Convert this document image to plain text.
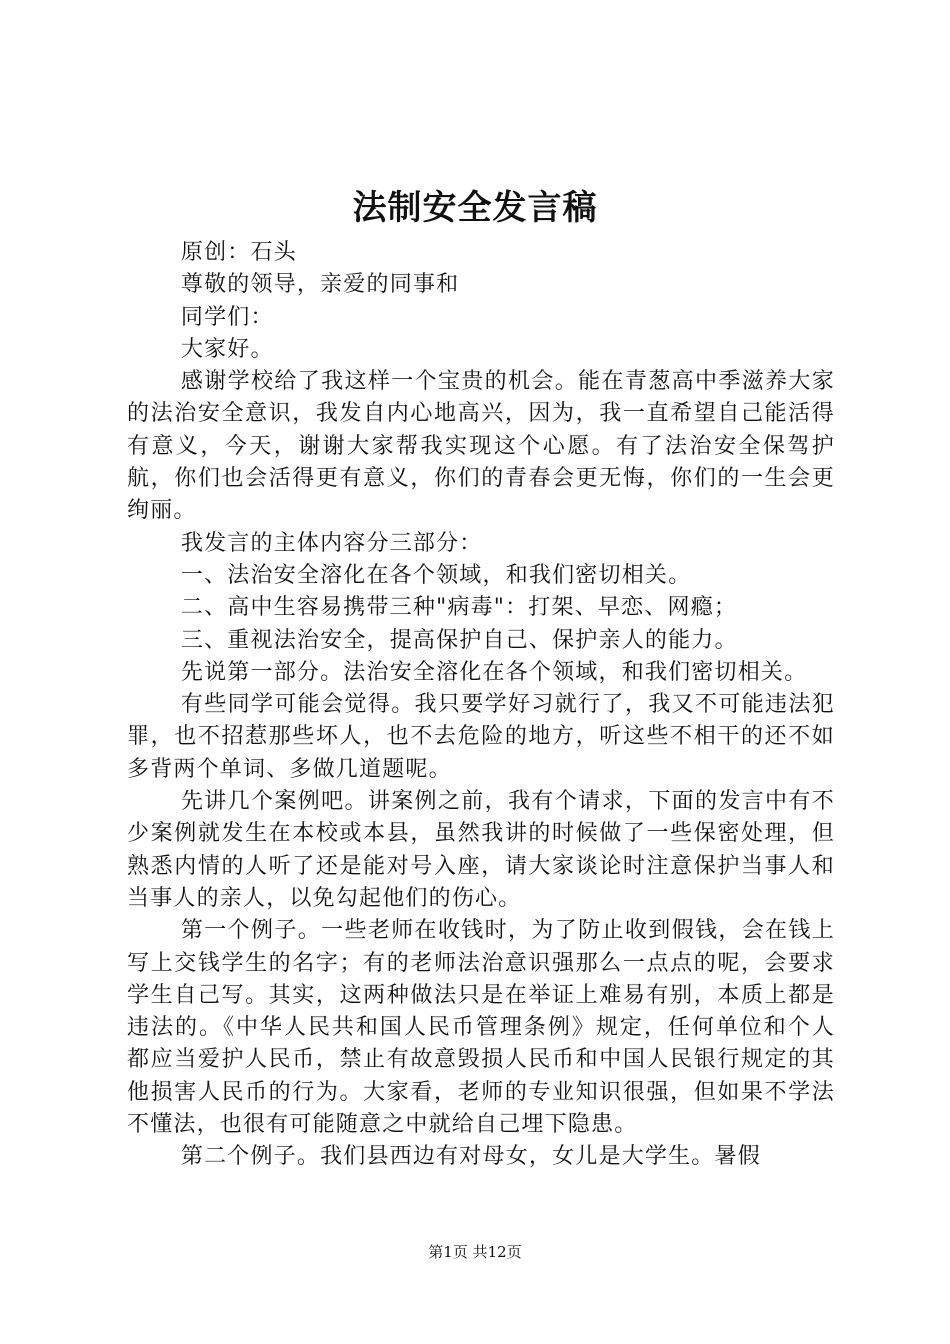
法制安全发言稿

原创：石头

尊敬的领导，亲爱的同事和

同学们：

大家好。

感谢学校给了我这样一个宝贵的机会。能在青葱高中季滋养大家的法治安全意识，我发自内心地高兴，因为，我一直希望自己能活得有意义，今天，谢谢大家帮我实现这个心愿。有了法治安全保驾护航，你们也会活得更有意义，你们的青春会更无悔，你们的一生会更绚丽。

我发言的主体内容分三部分：

一、法治安全溶化在各个领域，和我们密切相关。

二、高中生容易携带三种"病毒"：打架、早恋、网瘾；

三、重视法治安全，提高保护自己、保护亲人的能力。

先说第一部分。法治安全溶化在各个领域，和我们密切相关。

有些同学可能会觉得。我只要学好习就行了，我又不可能违法犯罪，也不招惹那些坏人，也不去危险的地方，听这些不相干的还不如多背两个单词、多做几道题呢。

先讲几个案例吧。讲案例之前，我有个请求，下面的发言中有不少案例就发生在本校或本县，虽然我讲的时候做了一些保密处理，但熟悉内情的人听了还是能对号入座，请大家谈论时注意保护当事人和当事人的亲人，以免勾起他们的伤心。

第一个例子。一些老师在收钱时，为了防止收到假钱，会在钱上写上交钱学生的名字；有的老师法治意识强那么一点点的呢，会要求学生自己写。其实，这两种做法只是在举证上难易有别，本质上都是违法的。《中华人民共和国人民币管理条例》规定，任何单位和个人都应当爱护人民币，禁止有故意毁损人民币和中国人民银行规定的其他损害人民币的行为。大家看，老师的专业知识很强，但如果不学法不懂法，也很有可能随意之中就给自己埋下隐患。

第二个例子。我们县西边有对母女，女儿是大学生。暑假

第1页 共12页
